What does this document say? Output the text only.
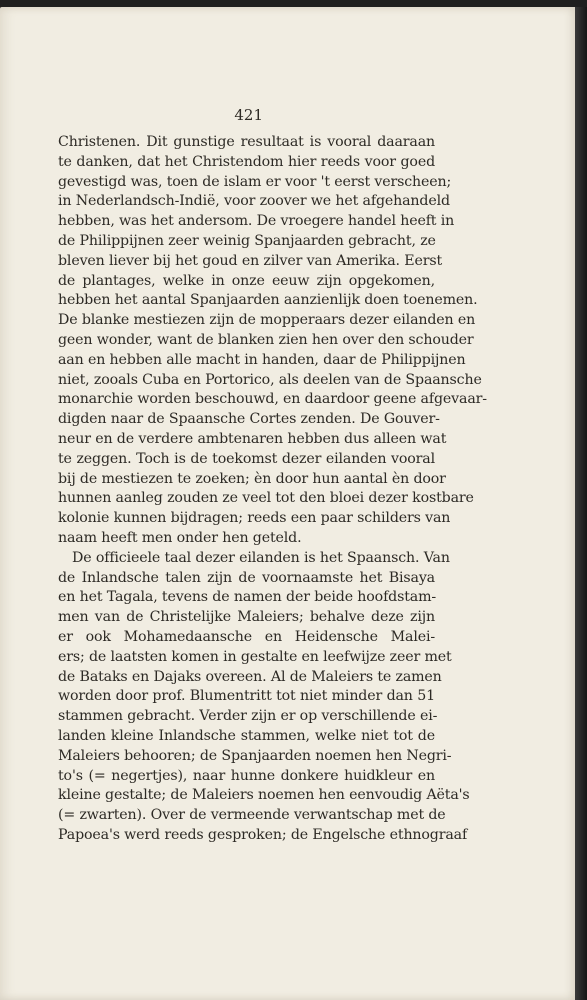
421
Christenen. Dit gunstige resultaat is vooral daaraan
te danken, dat het Christendom hier reeds voor goed
gevestigd was, toen de islam er voor 't eerst verscheen;
in Nederlandsch-Indië, voor zoover we het afgehandeld
hebben, was het andersom. De vroegere handel heeft in
de Philippijnen zeer weinig Spanjaarden gebracht, ze
bleven liever bij het goud en zilver van Amerika. Eerst
de plantages, welke in onze eeuw zijn opgekomen,
hebben het aantal Spanjaarden aanzienlijk doen toenemen.
De blanke mestiezen zijn de mopperaars dezer eilanden en
geen wonder, want de blanken zien hen over den schouder
aan en hebben alle macht in handen, daar de Philippijnen
niet, zooals Cuba en Portorico, als deelen van de Spaansche
monarchie worden beschouwd, en daardoor geene afgevaar-
digden naar de Spaansche Cortes zenden. De Gouver-
neur en de verdere ambtenaren hebben dus alleen wat
te zeggen. Toch is de toekomst dezer eilanden vooral
bij de mestiezen te zoeken; èn door hun aantal èn door
hunnen aanleg zouden ze veel tot den bloei dezer kostbare
kolonie kunnen bijdragen; reeds een paar schilders van
naam heeft men onder hen geteld.
De officieele taal dezer eilanden is het Spaansch. Van
de Inlandsche talen zijn de voornaamste het Bisaya
en het Tagala, tevens de namen der beide hoofdstam-
men van de Christelijke Maleiers; behalve deze zijn
er ook Mohamedaansche en Heidensche Malei-
ers; de laatsten komen in gestalte en leefwijze zeer met
de Bataks en Dajaks overeen. Al de Maleiers te zamen
worden door prof. Blumentritt tot niet minder dan 51
stammen gebracht. Verder zijn er op verschillende ei-
landen kleine Inlandsche stammen, welke niet tot de
Maleiers behooren; de Spanjaarden noemen hen Negri-
to's (= negertjes), naar hunne donkere huidkleur en
kleine gestalte; de Maleiers noemen hen eenvoudig Aëta's
(= zwarten). Over de vermeende verwantschap met de
Papoea's werd reeds gesproken; de Engelsche ethnograaf
